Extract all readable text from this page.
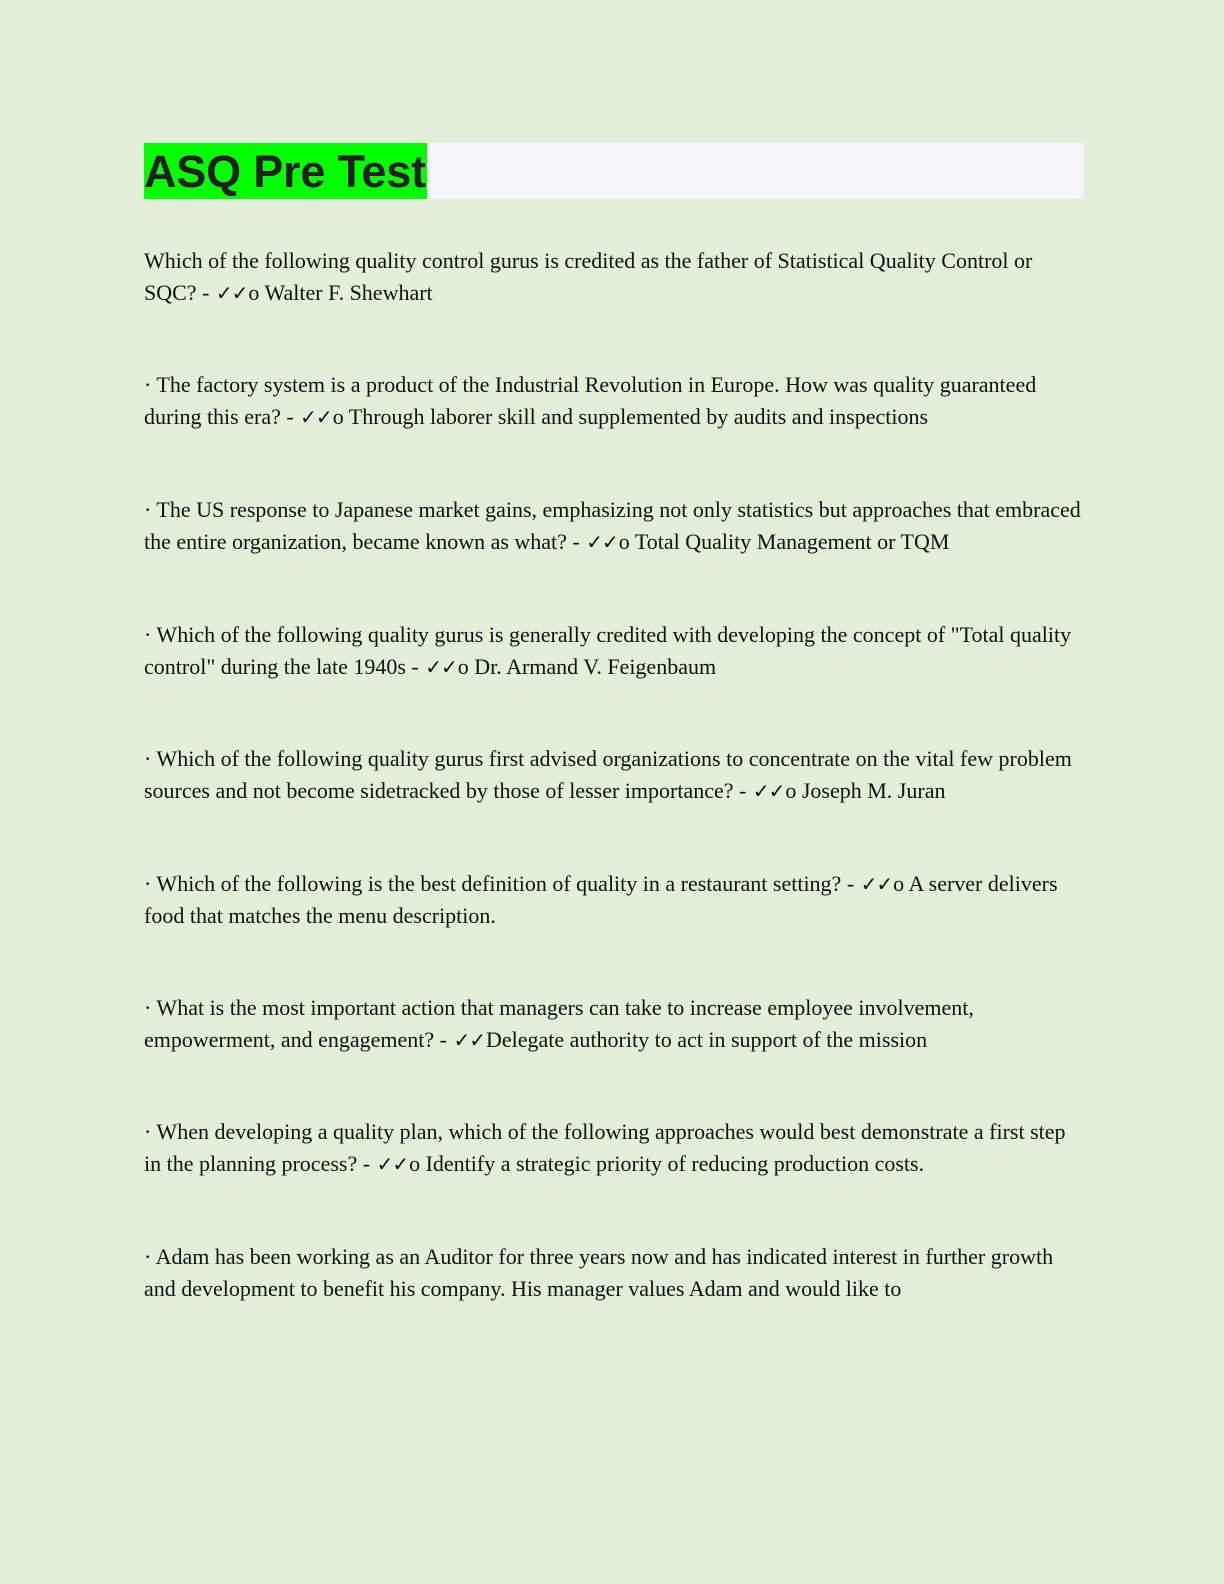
ASQ Pre Test

Which of the following quality control gurus is credited as the father of Statistical Quality Control or SQC? - ✓✓o Walter F. Shewhart

· The factory system is a product of the Industrial Revolution in Europe. How was quality guaranteed during this era? - ✓✓o Through laborer skill and supplemented by audits and inspections

· The US response to Japanese market gains, emphasizing not only statistics but approaches that embraced the entire organization, became known as what? - ✓✓o Total Quality Management or TQM

· Which of the following quality gurus is generally credited with developing the concept of "Total quality control" during the late 1940s - ✓✓o Dr. Armand V. Feigenbaum

· Which of the following quality gurus first advised organizations to concentrate on the vital few problem sources and not become sidetracked by those of lesser importance? - ✓✓o Joseph M. Juran

· Which of the following is the best definition of quality in a restaurant setting? - ✓✓o A server delivers food that matches the menu description.

· What is the most important action that managers can take to increase employee involvement, empowerment, and engagement? - ✓✓Delegate authority to act in support of the mission

· When developing a quality plan, which of the following approaches would best demonstrate a first step in the planning process? - ✓✓o Identify a strategic priority of reducing production costs.

· Adam has been working as an Auditor for three years now and has indicated interest in further growth and development to benefit his company. His manager values Adam and would like to
